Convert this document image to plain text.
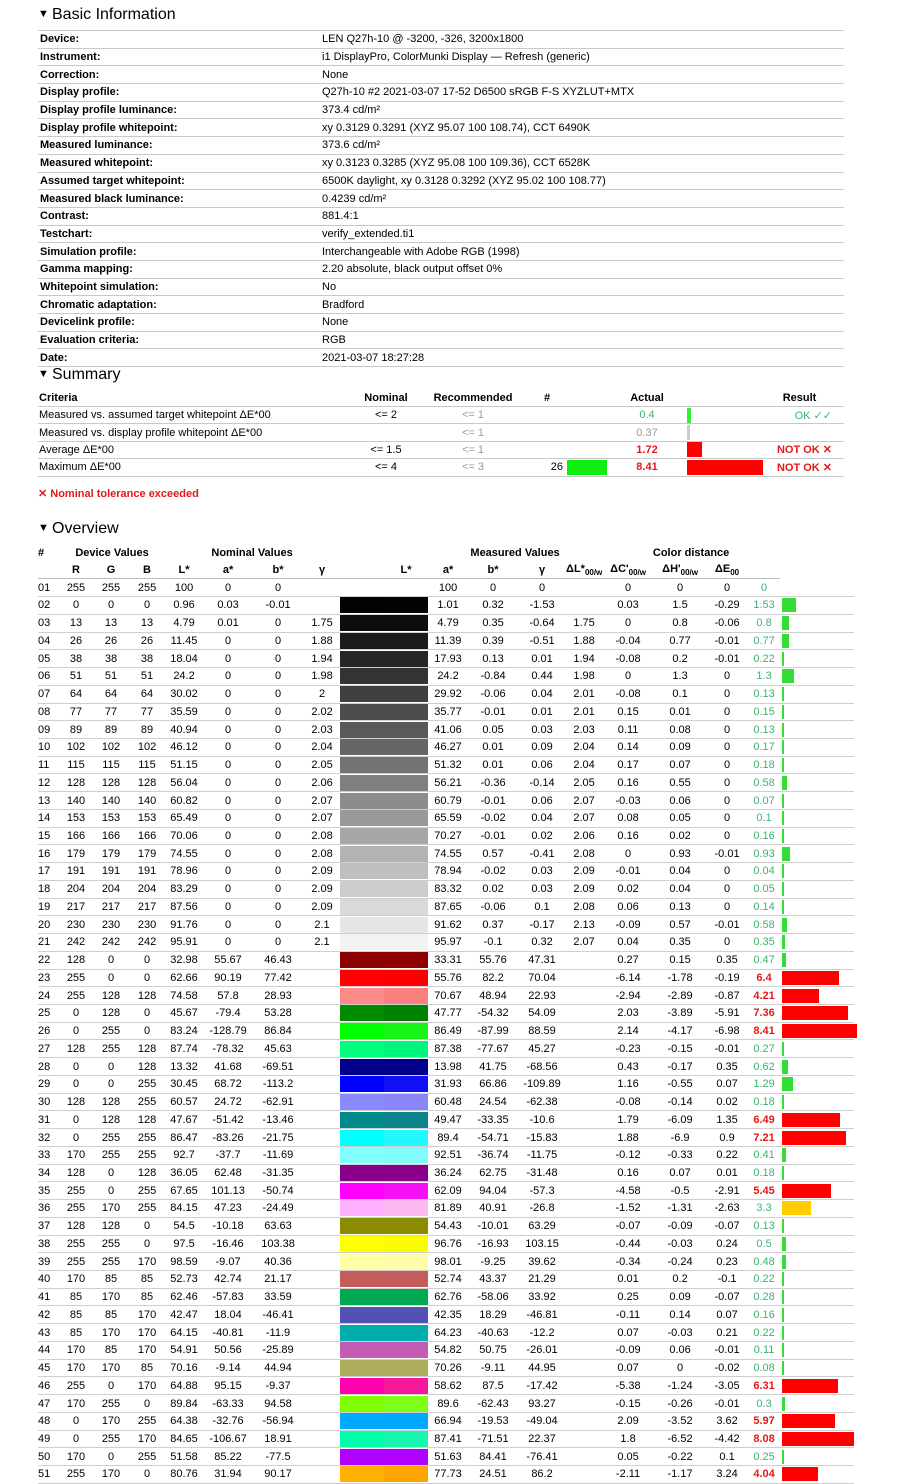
▼ Basic Information
Device:	LEN Q27h-10 @ -3200, -326, 3200x1800
Instrument:	i1 DisplayPro, ColorMunki Display — Refresh (generic)
Correction:	None
Display profile:	Q27h-10 #2 2021-03-07 17-52 D6500 sRGB F-S XYZLUT+MTX
Display profile luminance:	373.4 cd/m²
Display profile whitepoint:	xy 0.3129 0.3291 (XYZ 95.07 100 108.74), CCT 6490K
Measured luminance:	373.6 cd/m²
Measured whitepoint:	xy 0.3123 0.3285 (XYZ 95.08 100 109.36), CCT 6528K
Assumed target whitepoint:	6500K daylight, xy 0.3128 0.3292 (XYZ 95.02 100 108.77)
Measured black luminance:	0.4239 cd/m²
Contrast:	881.4:1
Testchart:	verify_extended.ti1
Simulation profile:	Interchangeable with Adobe RGB (1998)
Gamma mapping:	2.20 absolute, black output offset 0%
Whitepoint simulation:	No
Chromatic adaptation:	Bradford
Devicelink profile:	None
Evaluation criteria:	RGB
Date:	2021-03-07 18:27:28
▼ Summary
Criteria	Nominal	Recommended	#		Actual		Result
Measured vs. assumed target whitepoint ΔE*00	<= 2	<= 1			0.4		OK ✓✓
Measured vs. display profile whitepoint ΔE*00		<= 1			0.37	

Average ΔE*00	<= 1.5	<= 1			1.72		NOT OK ✕
Maximum ΔE*00	<= 4	<= 3	26		8.41		NOT OK ✕
✕ Nominal tolerance exceeded
▼ Overview
#	Device Values			Nominal Values						Measured Values				Color distance				
	R	G	B	L*	a*	b*	γ		L*	a*	b*	γ	$\Delta L*_{00/w}$	$\Delta C'_{00/w}$	$\Delta H'_{00/w}$	$\Delta E_{00}$	
01	255	255	255	100	0	0				100	0	0		0	0	0	0	
02	0	0	0	0.96	0.03	-0.01				1.01	0.32	-1.53		0.03	1.5	-0.29	1.53	

03	13	13	13	4.79	0.01	0	1.75			4.79	0.35	-0.64	1.75	0	0.8	-0.06	0.8	

04	26	26	26	11.45	0	0	1.88			11.39	0.39	-0.51	1.88	-0.04	0.77	-0.01	0.77	

05	38	38	38	18.04	0	0	1.94			17.93	0.13	0.01	1.94	-0.08	0.2	-0.01	0.22	

06	51	51	51	24.2	0	0	1.98			24.2	-0.84	0.44	1.98	0	1.3	0	1.3	

07	64	64	64	30.02	0	0	2			29.92	-0.06	0.04	2.01	-0.08	0.1	0	0.13	

08	77	77	77	35.59	0	0	2.02			35.77	-0.01	0.01	2.01	0.15	0.01	0	0.15	

09	89	89	89	40.94	0	0	2.03			41.06	0.05	0.03	2.03	0.11	0.08	0	0.13	

10	102	102	102	46.12	0	0	2.04			46.27	0.01	0.09	2.04	0.14	0.09	0	0.17	

11	115	115	115	51.15	0	0	2.05			51.32	0.01	0.06	2.04	0.17	0.07	0	0.18	

12	128	128	128	56.04	0	0	2.06			56.21	-0.36	-0.14	2.05	0.16	0.55	0	0.58	

13	140	140	140	60.82	0	0	2.07			60.79	-0.01	0.06	2.07	-0.03	0.06	0	0.07	

14	153	153	153	65.49	0	0	2.07			65.59	-0.02	0.04	2.07	0.08	0.05	0	0.1	

15	166	166	166	70.06	0	0	2.08			70.27	-0.01	0.02	2.06	0.16	0.02	0	0.16	

16	179	179	179	74.55	0	0	2.08			74.55	0.57	-0.41	2.08	0	0.93	-0.01	0.93	

17	191	191	191	78.96	0	0	2.09			78.94	-0.02	0.03	2.09	-0.01	0.04	0	0.04	

18	204	204	204	83.29	0	0	2.09			83.32	0.02	0.03	2.09	0.02	0.04	0	0.05	

19	217	217	217	87.56	0	0	2.09			87.65	-0.06	0.1	2.08	0.06	0.13	0	0.14	

20	230	230	230	91.76	0	0	2.1			91.62	0.37	-0.17	2.13	-0.09	0.57	-0.01	0.58	

21	242	242	242	95.91	0	0	2.1			95.97	-0.1	0.32	2.07	0.04	0.35	0	0.35	

22	128	0	0	32.98	55.67	46.43				33.31	55.76	47.31		0.27	0.15	0.35	0.47	

23	255	0	0	62.66	90.19	77.42				55.76	82.2	70.04		-6.14	-1.78	-0.19	6.4	

24	255	128	128	74.58	57.8	28.93				70.67	48.94	22.93		-2.94	-2.89	-0.87	4.21	

25	0	128	0	45.67	-79.4	53.28				47.77	-54.32	54.09		2.03	-3.89	-5.91	7.36	

26	0	255	0	83.24	-128.79	86.84				86.49	-87.99	88.59		2.14	-4.17	-6.98	8.41	

27	128	255	128	87.74	-78.32	45.63				87.38	-77.67	45.27		-0.23	-0.15	-0.01	0.27	

28	0	0	128	13.32	41.68	-69.51				13.98	41.75	-68.56		0.43	-0.17	0.35	0.62	

29	0	0	255	30.45	68.72	-113.2				31.93	66.86	-109.89		1.16	-0.55	0.07	1.29	

30	128	128	255	60.57	24.72	-62.91				60.48	24.54	-62.38		-0.08	-0.14	0.02	0.18	

31	0	128	128	47.67	-51.42	-13.46				49.47	-33.35	-10.6		1.79	-6.09	1.35	6.49	

32	0	255	255	86.47	-83.26	-21.75				89.4	-54.71	-15.83		1.88	-6.9	0.9	7.21	

33	170	255	255	92.7	-37.7	-11.69				92.51	-36.74	-11.75		-0.12	-0.33	0.22	0.41	

34	128	0	128	36.05	62.48	-31.35				36.24	62.75	-31.48		0.16	0.07	0.01	0.18	

35	255	0	255	67.65	101.13	-50.74				62.09	94.04	-57.3		-4.58	-0.5	-2.91	5.45	

36	255	170	255	84.15	47.23	-24.49				81.89	40.91	-26.8		-1.52	-1.31	-2.63	3.3	

37	128	128	0	54.5	-10.18	63.63				54.43	-10.01	63.29		-0.07	-0.09	-0.07	0.13	

38	255	255	0	97.5	-16.46	103.38				96.76	-16.93	103.15		-0.44	-0.03	0.24	0.5	

39	255	255	170	98.59	-9.07	40.36				98.01	-9.25	39.62		-0.34	-0.24	0.23	0.48	

40	170	85	85	52.73	42.74	21.17				52.74	43.37	21.29		0.01	0.2	-0.1	0.22	

41	85	170	85	62.46	-57.83	33.59				62.76	-58.06	33.92		0.25	0.09	-0.07	0.28	

42	85	85	170	42.47	18.04	-46.41				42.35	18.29	-46.81		-0.11	0.14	0.07	0.16	

43	85	170	170	64.15	-40.81	-11.9				64.23	-40.63	-12.2		0.07	-0.03	0.21	0.22	

44	170	85	170	54.91	50.56	-25.89				54.82	50.75	-26.01		-0.09	0.06	-0.01	0.11	

45	170	170	85	70.16	-9.14	44.94				70.26	-9.11	44.95		0.07	0	-0.02	0.08	

46	255	0	170	64.88	95.15	-9.37				58.62	87.5	-17.42		-5.38	-1.24	-3.05	6.31	

47	170	255	0	89.84	-63.33	94.58				89.6	-62.43	93.27		-0.15	-0.26	-0.01	0.3	

48	0	170	255	64.38	-32.76	-56.94				66.94	-19.53	-49.04		2.09	-3.52	3.62	5.97	

49	0	255	170	84.65	-106.67	18.91				87.41	-71.51	22.37		1.8	-6.52	-4.42	8.08	

50	170	0	255	51.58	85.22	-77.5				51.63	84.41	-76.41		0.05	-0.22	0.1	0.25	

51	255	170	0	80.76	31.94	90.17				77.73	24.51	86.2		-2.11	-1.17	3.24	4.04	
